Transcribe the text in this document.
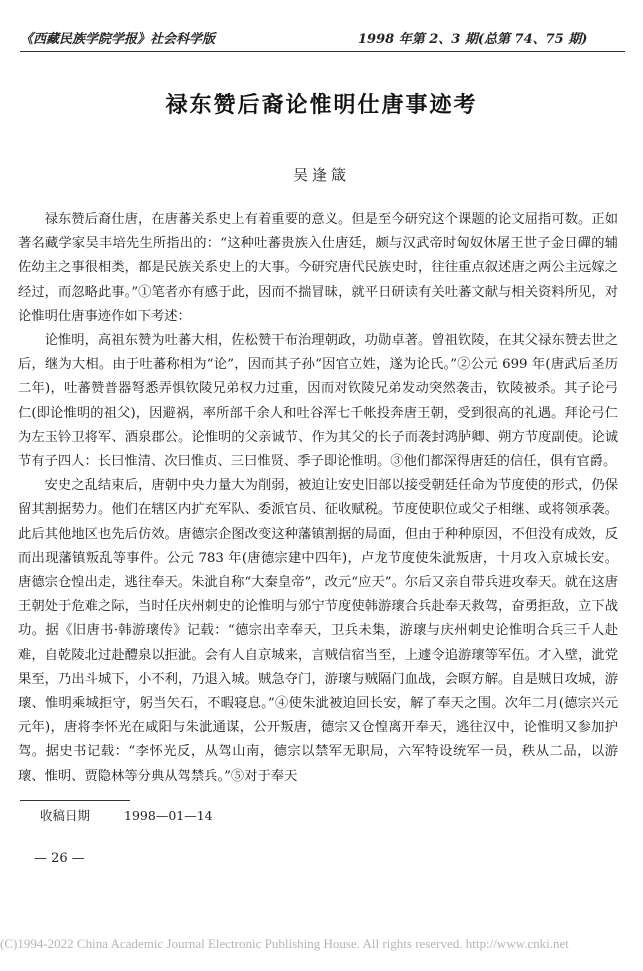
《西藏民族学院学报》社会科学版	1998 年第 2、3 期(总第 74、75 期)
禄东赞后裔论惟明仕唐事迹考
吴逢箴

禄东赞后裔仕唐，在唐蕃关系史上有着重要的意义。但是至今研究这个课题的论文屈指可数。正如著名藏学家吴丰培先生所指出的：“这种吐蕃贵族入仕唐廷，颇与汉武帝时匈奴休屠王世子金日磾的辅佐幼主之事很相类，都是民族关系史上的大事。今研究唐代民族史时，往往重点叙述唐之两公主远嫁之经过，而忽略此事。”①笔者亦有感于此，因而不揣冒昧，就平日研读有关吐蕃文献与相关资料所见，对论惟明仕唐事迹作如下考述：

论惟明，高祖东赞为吐蕃大相，佐松赞干布治理朝政，功勋卓著。曾祖钦陵，在其父禄东赞去世之后，继为大相。由于吐蕃称相为“论”，因而其子孙“因官立姓，遂为论氏。”②公元 699 年(唐武后圣历二年)，吐蕃赞普器弩悉弄惧钦陵兄弟权力过重，因而对钦陵兄弟发动突然袭击，钦陵被杀。其子论弓仁(即论惟明的祖父)，因避祸，率所部千余人和吐谷浑七千帐投奔唐王朝，受到很高的礼遇。拜论弓仁为左玉钤卫将军、酒泉郡公。论惟明的父亲诚节、作为其父的长子而袭封鸿胪卿、朔方节度副使。论诚节有子四人：长曰惟清、次曰惟贞、三曰惟贤、季子即论惟明。③他们都深得唐廷的信任，俱有官爵。

安史之乱结束后，唐朝中央力量大为削弱，被迫让安史旧部以接受朝廷任命为节度使的形式，仍保留其割据势力。他们在辖区内扩充军队、委派官员、征收赋税。节度使职位或父子相继、或将领承袭。此后其他地区也先后仿效。唐德宗企图改变这种藩镇割据的局面，但由于种种原因，不但没有成效，反而出现藩镇叛乱等事件。公元 783 年(唐德宗建中四年)，卢龙节度使朱泚叛唐，十月攻入京城长安。唐德宗仓惶出走，逃往奉天。朱泚自称“大秦皇帝”，改元“应天”。尔后又亲自带兵进攻奉天。就在这唐王朝处于危难之际，当时任庆州刺史的论惟明与邠宁节度使韩游瓌合兵赴奉天救驾，奋勇拒敌，立下战功。据《旧唐书·韩游瓌传》记载：“德宗出幸奉天，卫兵未集，游瓌与庆州刺史论惟明合兵三千人赴难，自乾陵北过赴醴泉以拒泚。会有人自京城来，言贼信宿当至，上遽令追游瓌等军伍。才入壁，泚党果至，乃出斗城下，小不利，乃退入城。贼急夺门，游瓌与贼隔门血战，会暝方解。自是贼日攻城，游瓌、惟明乘城拒守，躬当矢石，不暇寝息。”④使朱泚被迫回长安，解了奉天之围。次年二月(德宗兴元元年)，唐将李怀光在咸阳与朱泚通谋，公开叛唐，德宗又仓惶离开奉天，逃往汉中，论惟明又参加护驾。据史书记载：“李怀光反，从驾山南，德宗以禁军无职局，六军特设统军一员，秩从二品，以游瓌、惟明、贾隐林等分典从驾禁兵。”⑤对于奉天

收稿日期	1998—01—14
— 26 —
(C)1994-2022 China Academic Journal Electronic Publishing House. All rights reserved. http://www.cnki.net
